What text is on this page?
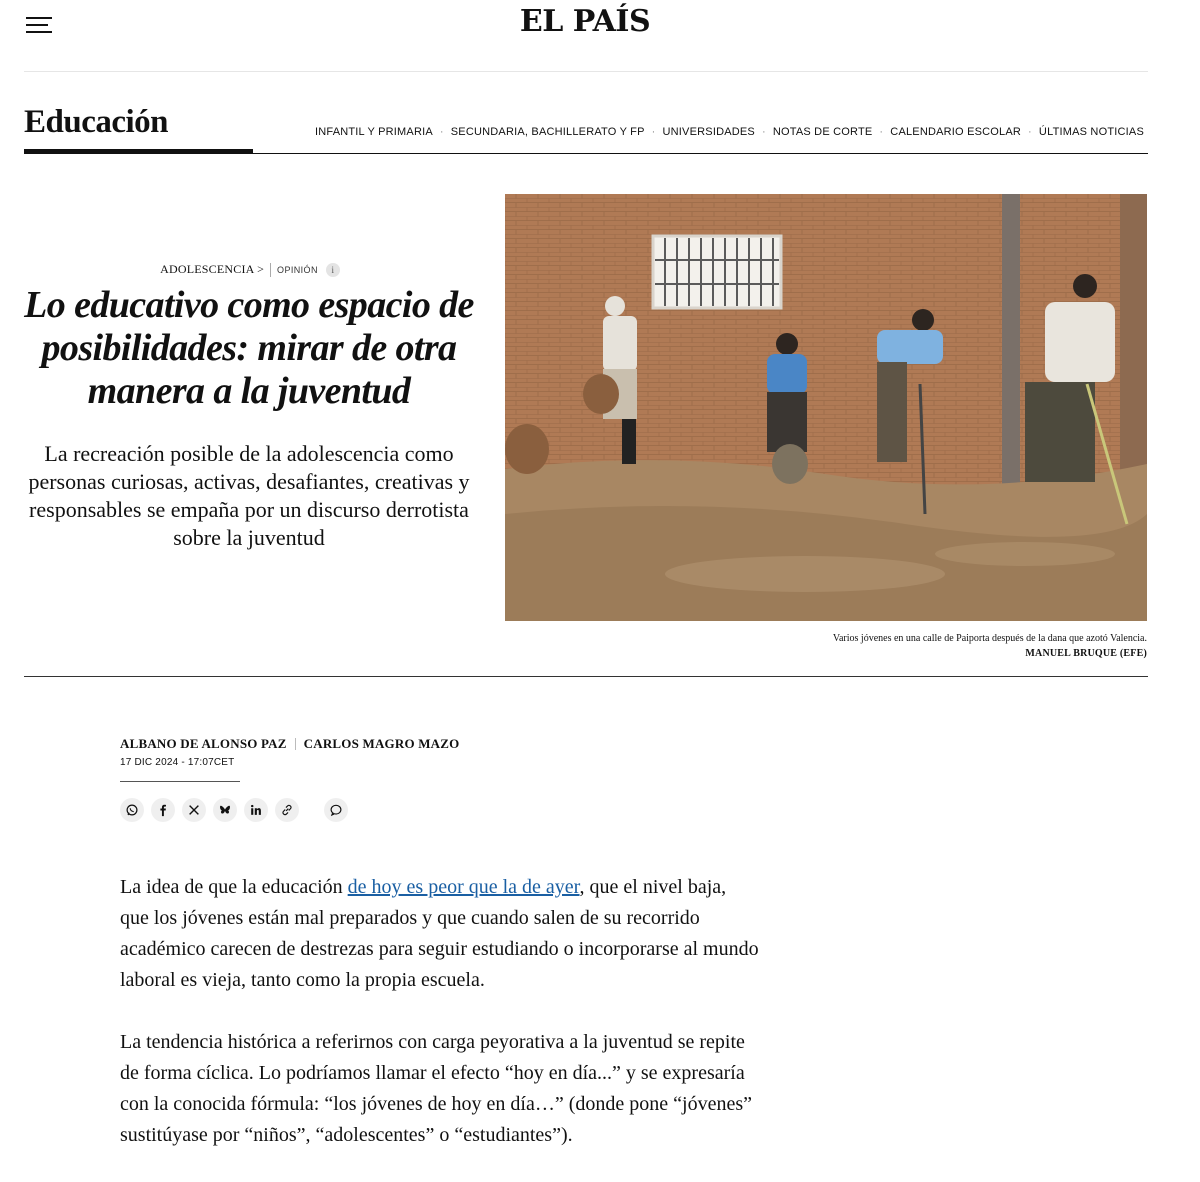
EL PAÍS
Educación	INFANTIL Y PRIMARIA · SECUNDARIA, BACHILLERATO Y FP · UNIVERSIDADES · NOTAS DE CORTE · CALENDARIO ESCOLAR · ÚLTIMAS NOTICIAS
ADOLESCENCIA > OPINIÓN	i
Lo educativo como espacio de posibilidades: mirar de otra manera a la juventud

La recreación posible de la adolescencia como personas curiosas, activas, desafiantes, creativas y responsables se empaña por un discurso derrotista sobre la juventud

Varios jóvenes en una calle de Paiporta después de la dana que azotó Valencia.
MANUEL BRUQUE (EFE)
ALBANO DE ALONSO PAZ CARLOS MAGRO MAZO
17 DIC 2024 - 17:07CET

La idea de que la educación de hoy es peor que la de ayer, que el nivel baja, que los jóvenes están mal preparados y que cuando salen de su recorrido académico carecen de destrezas para seguir estudiando o incorporarse al mundo laboral es vieja, tanto como la propia escuela.

La tendencia histórica a referirnos con carga peyorativa a la juventud se repite de forma cíclica. Lo podríamos llamar el efecto “hoy en día...” y se expresaría con la conocida fórmula: “los jóvenes de hoy en día…” (donde pone “jóvenes” sustitúyase por “niños”, “adolescentes” o “estudiantes”).
